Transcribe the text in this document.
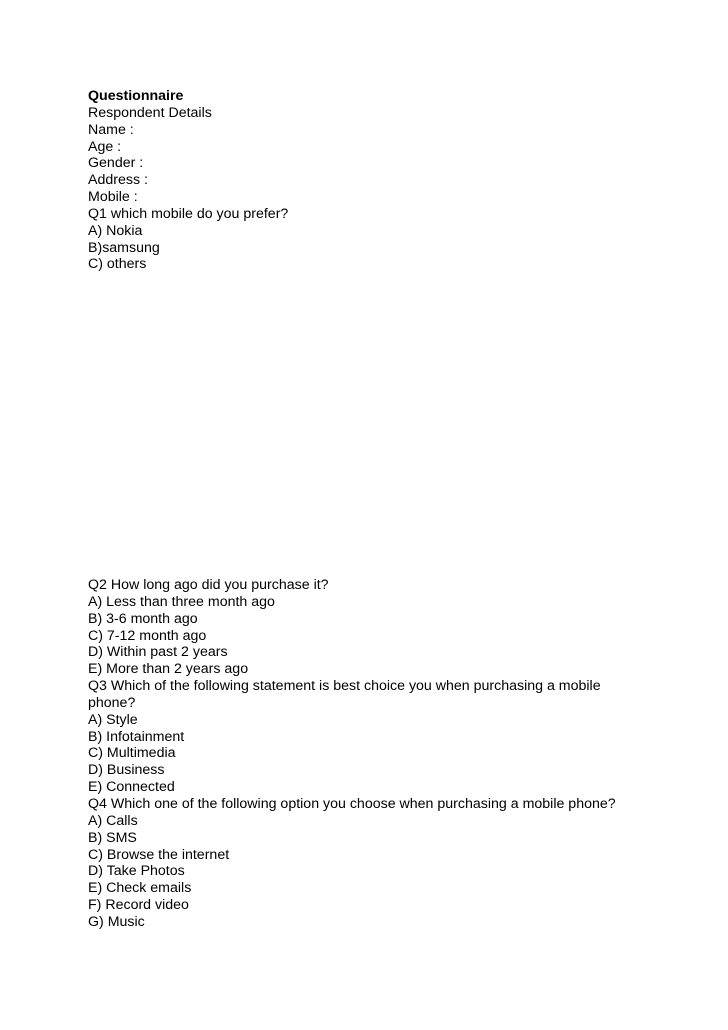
Questionnaire
Respondent Details
Name :
Age :
Gender :
Address :
Mobile :
Q1 which mobile do you prefer?
A) Nokia
B)samsung
C) others
Q2 How long ago did you purchase it?
A) Less than three month ago
B) 3-6 month ago
C) 7-12 month ago
D) Within past 2 years
E) More than 2 years ago
Q3 Which of the following statement is best choice you when purchasing a mobile phone?
A) Style
B) Infotainment
C) Multimedia
D) Business
E) Connected
Q4 Which one of the following option you choose when purchasing a mobile phone?
A) Calls
B) SMS
C) Browse the internet
D) Take Photos
E) Check emails
F) Record video
G) Music
